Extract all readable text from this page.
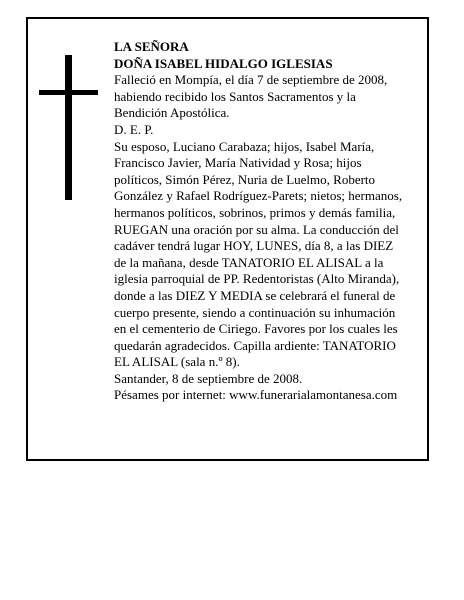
LA SEÑORA
DOÑA ISABEL HIDALGO IGLESIAS
Falleció en Mompía, el día 7 de septiembre de 2008,
habiendo recibido los Santos Sacramentos y la
Bendición Apostólica.
D. E. P.
Su esposo, Luciano Carabaza; hijos, Isabel María,
Francisco Javier, María Natividad y Rosa; hijos
políticos, Simón Pérez, Nuria de Luelmo, Roberto
González y Rafael Rodríguez-Parets; nietos; hermanos,
hermanos políticos, sobrinos, primos y demás familia,
RUEGAN una oración por su alma. La conducción del
cadáver tendrá lugar HOY, LUNES, día 8, a las DIEZ
de la mañana, desde TANATORIO EL ALISAL a la
iglesia parroquial de PP. Redentoristas (Alto Miranda),
donde a las DIEZ Y MEDIA se celebrará el funeral de
cuerpo presente, siendo a continuación su inhumación
en el cementerio de Ciriego. Favores por los cuales les
quedarán agradecidos. Capilla ardiente: TANATORIO
EL ALISAL (sala n.º 8).
Santander, 8 de septiembre de 2008.
Pésames por internet: www.funerarialamontanesa.com
